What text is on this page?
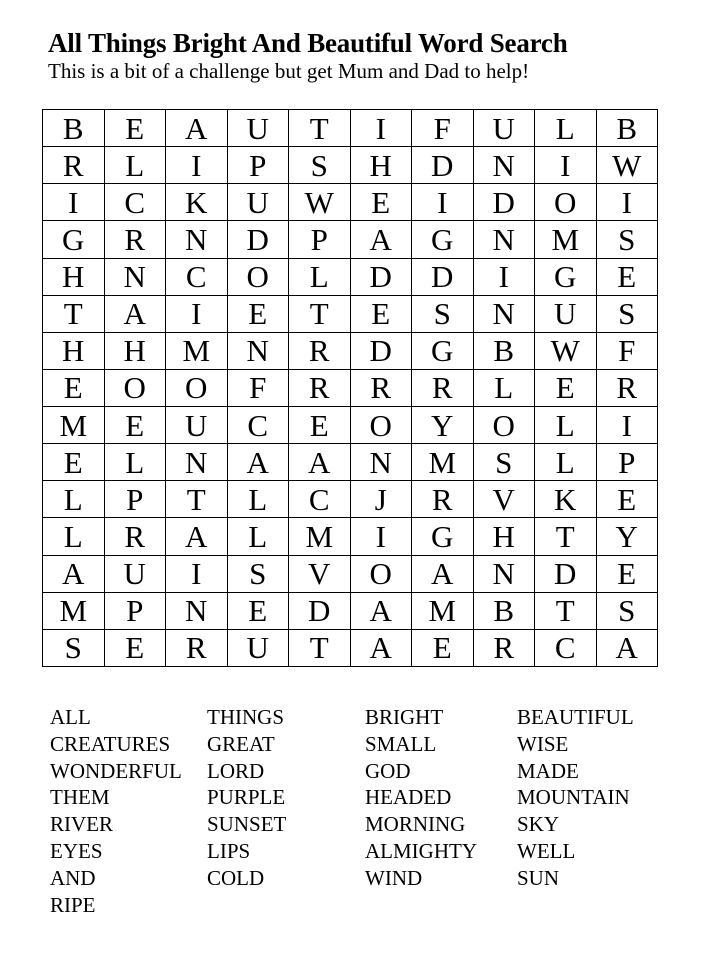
All Things Bright And Beautiful Word Search

This is a bit of a challenge but get Mum and Dad to help!

B	E	A	U	T	I	F	U	L	B
R	L	I	P	S	H	D	N	I	W
I	C	K	U	W	E	I	D	O	I
G	R	N	D	P	A	G	N	M	S
H	N	C	O	L	D	D	I	G	E
T	A	I	E	T	E	S	N	U	S
H	H	M	N	R	D	G	B	W	F
E	O	O	F	R	R	R	L	E	R
M	E	U	C	E	O	Y	O	L	I
E	L	N	A	A	N	M	S	L	P
L	P	T	L	C	J	R	V	K	E
L	R	A	L	M	I	G	H	T	Y
A	U	I	S	V	O	A	N	D	E
M	P	N	E	D	A	M	B	T	S
S	E	R	U	T	A	E	R	C	A
ALL
CREATURES
WONDERFUL
THEM
RIVER
EYES
AND
RIPE
THINGS
GREAT
LORD
PURPLE
SUNSET
LIPS
COLD
BRIGHT
SMALL
GOD
HEADED
MORNING
ALMIGHTY
WIND
BEAUTIFUL
WISE
MADE
MOUNTAIN
SKY
WELL
SUN
